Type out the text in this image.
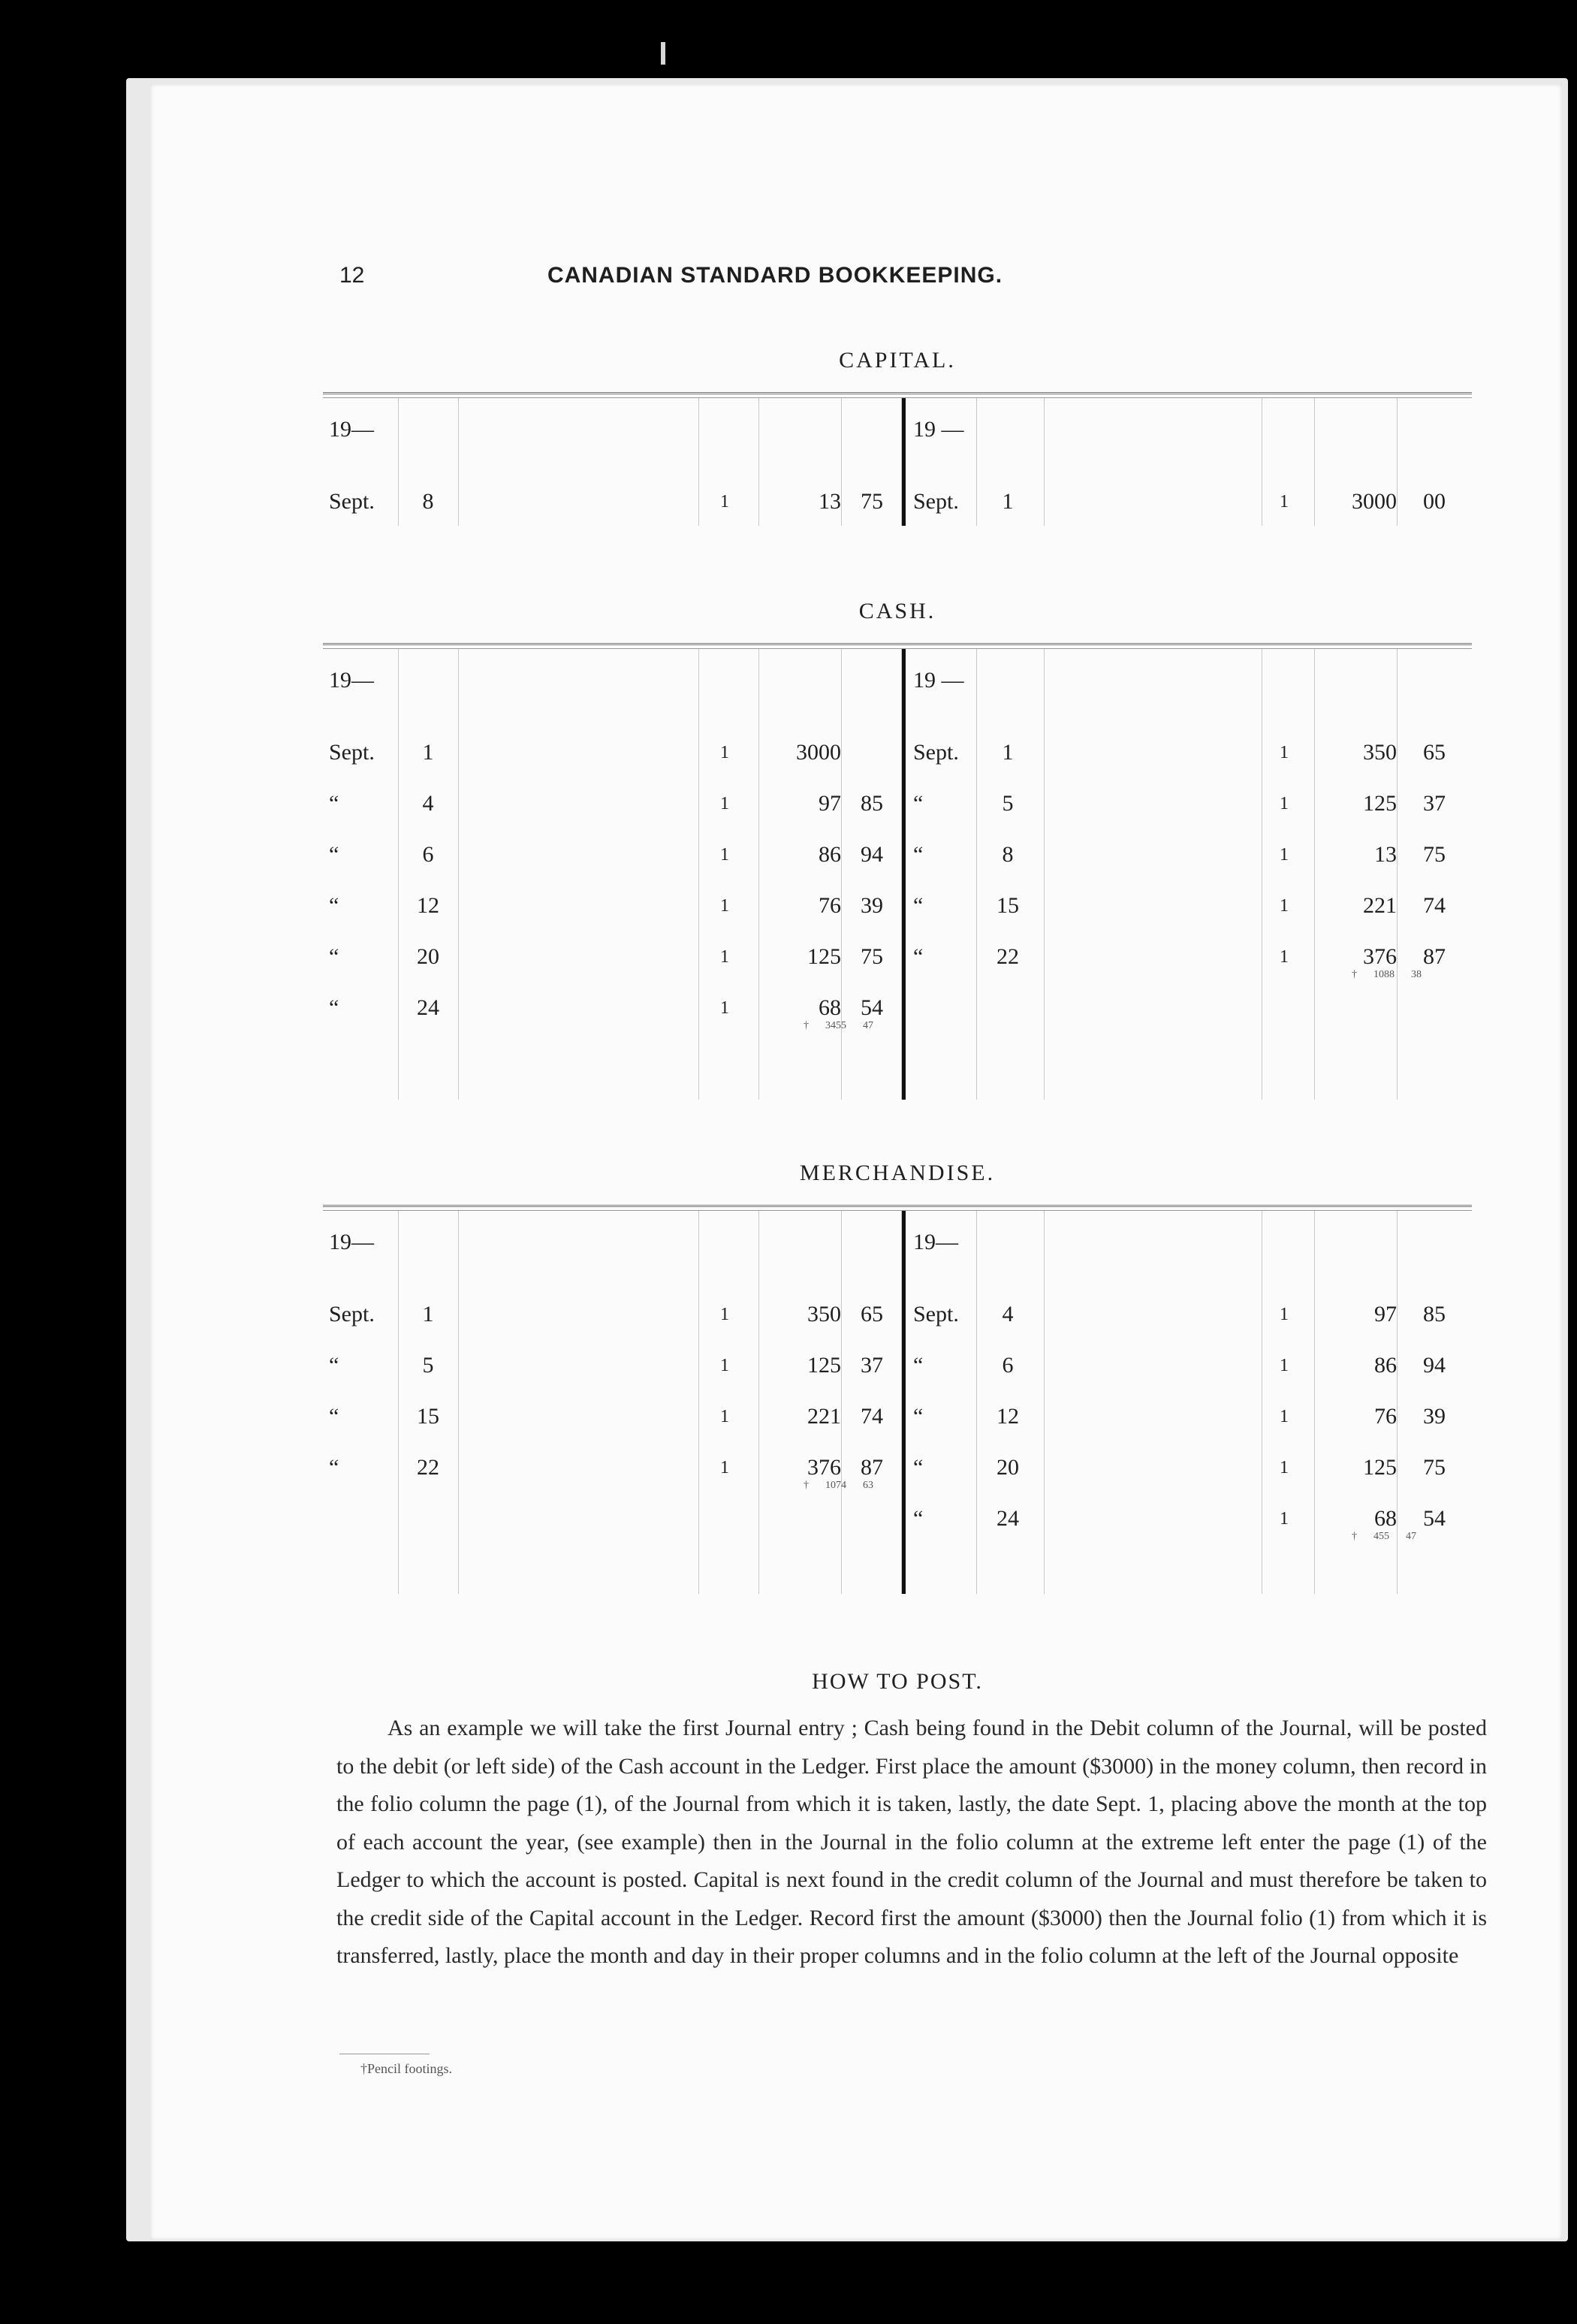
12	CANADIAN STANDARD BOOKKEEPING.
CAPITAL.
19—
Sept.	8	1	13 75
19 —
Sept.	1	1	3000	00
CASH.
19—
Sept.	1	1	3000
“	4	1	97 85
“	6	1	86 94
“	12	1	76 39
“	20	1	125 75
“	24	1	68 54
† 3455 47
19 —
Sept.	1	1	350	65
“	5	1	125	37
“	8	1	13	75
“	15	1	221	74
“	22	1	376	87
† 1088 38
MERCHANDISE.
19—
Sept.	1	1	350 65
“	5	1	125 37
“	15	1	221 74
“	22	1	376 87
† 1074 63
19—
Sept.	4	1	97	85
“	6	1	86	94
“	12	1	76	39
“	20	1	125	75
“	24	1	68	54
† 455 47
HOW TO POST.
As an example we will take the first Journal entry ; Cash being found in the Debit column of the Journal, will be posted to the debit (or left side) of the Cash account in the Ledger. First place the amount ($3000) in the money column, then record in the folio column the page (1), of the Journal from which it is taken, lastly, the date Sept. 1, placing above the month at the top of each account the year, (see example) then in the Journal in the folio column at the extreme left enter the page (1) of the Ledger to which the account is posted. Capital is next found in the credit column of the Journal and must therefore be taken to the credit side of the Capital account in the Ledger. Record first the amount ($3000) then the Journal folio (1) from which it is transferred, lastly, place the month and day in their proper columns and in the folio column at the left of the Journal opposite
†Pencil footings.
